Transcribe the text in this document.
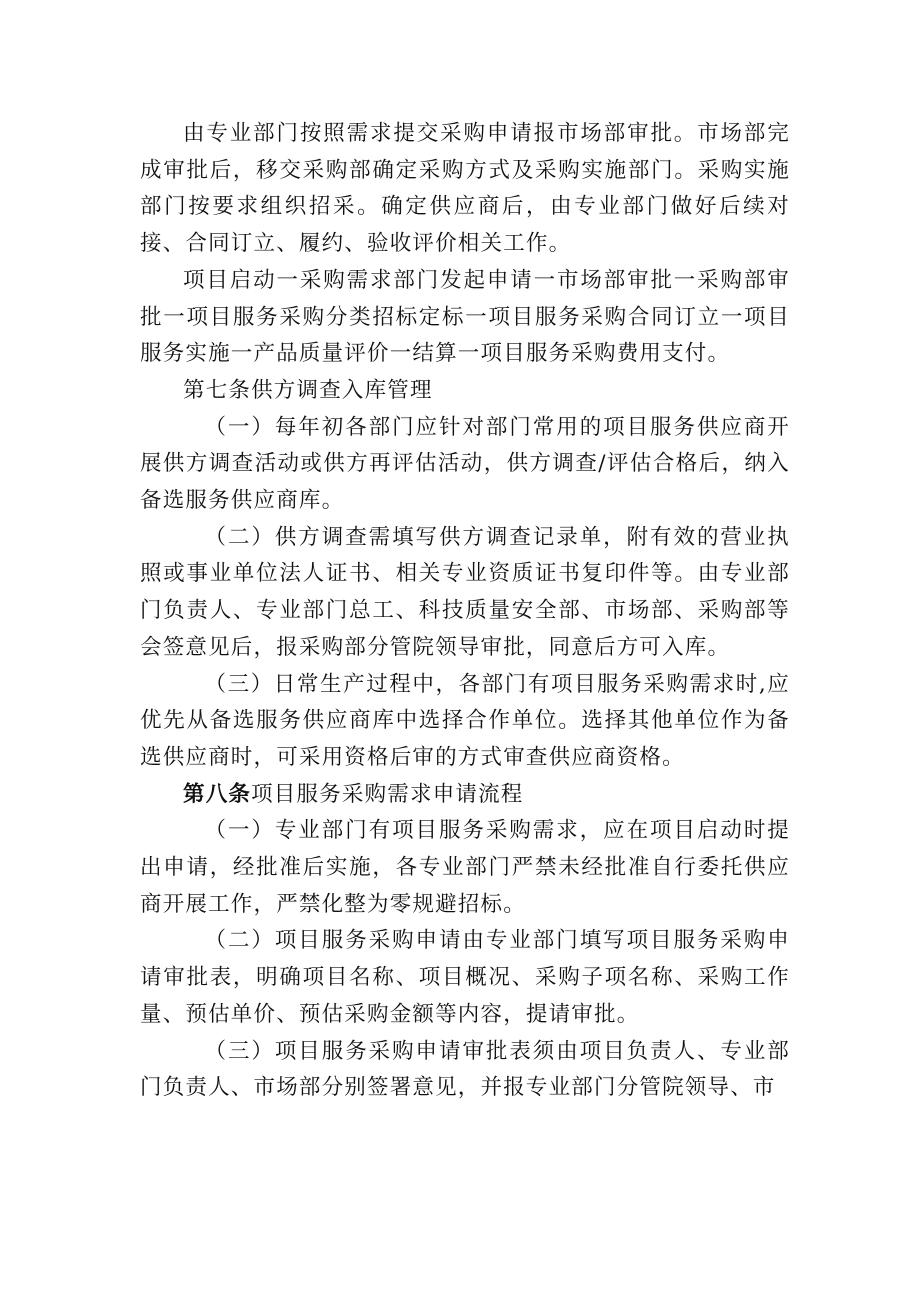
由专业部门按照需求提交采购申请报市场部审批。市场部完成审批后，移交采购部确定采购方式及采购实施部门。采购实施部门按要求组织招采。确定供应商后，由专业部门做好后续对接、合同订立、履约、验收评价相关工作。

项目启动一采购需求部门发起申请一市场部审批一采购部审批一项目服务采购分类招标定标一项目服务采购合同订立一项目服务实施一产品质量评价一结算一项目服务采购费用支付。

第七条供方调查入库管理

（一）每年初各部门应针对部门常用的项目服务供应商开展供方调查活动或供方再评估活动，供方调查/评估合格后，纳入备选服务供应商库。

（二）供方调查需填写供方调查记录单，附有效的营业执照或事业单位法人证书、相关专业资质证书复印件等。由专业部门负责人、专业部门总工、科技质量安全部、市场部、采购部等会签意见后，报采购部分管院领导审批，同意后方可入库。

（三）日常生产过程中，各部门有项目服务采购需求时,应优先从备选服务供应商库中选择合作单位。选择其他单位作为备选供应商时，可采用资格后审的方式审查供应商资格。

第八条项目服务采购需求申请流程

（一）专业部门有项目服务采购需求，应在项目启动时提出申请，经批准后实施，各专业部门严禁未经批准自行委托供应商开展工作，严禁化整为零规避招标。

（二）项目服务采购申请由专业部门填写项目服务采购申请审批表，明确项目名称、项目概况、采购子项名称、采购工作量、预估单价、预估采购金额等内容，提请审批。

（三）项目服务采购申请审批表须由项目负责人、专业部门负责人、市场部分别签署意见，并报专业部门分管院领导、市
